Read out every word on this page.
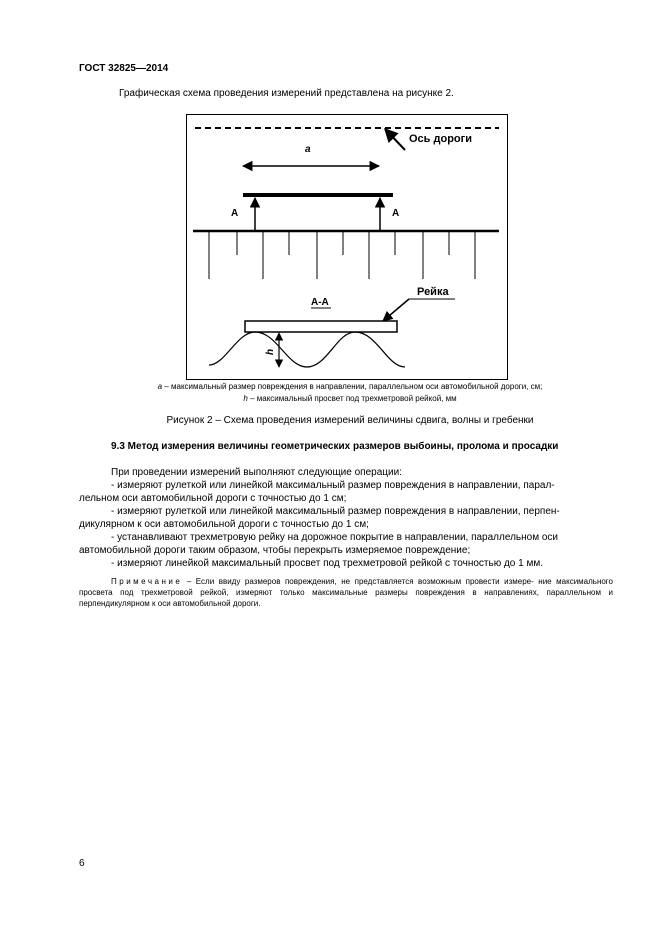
ГОСТ 32825—2014
Графическая схема проведения измерений представлена на рисунке 2.
Ось дороги
a
А	А
А-А
Рейка
h
a – максимальный размер повреждения в направлении, параллельном оси автомобильной дороги, см;
h – максимальный просвет под трехметровой рейкой, мм
Рисунок 2 – Схема проведения измерений величины сдвига, волны и гребенки
9.3 Метод измерения величины геометрических размеров выбоины, пролома и просадки

При проведении измерений выполняют следующие операции:

- измеряют рулеткой или линейкой максимальный размер повреждения в направлении, парал-

лельном оси автомобильной дороги с точностью до 1 см;

- измеряют рулеткой или линейкой максимальный размер повреждения в направлении, перпен-

дикулярном к оси автомобильной дороги с точностью до 1 см;

- устанавливают трехметровую рейку на дорожное покрытие в направлении, параллельном оси

автомобильной дороги таким образом, чтобы перекрыть измеряемое повреждение;

- измеряют линейкой максимальный просвет под трехметровой рейкой с точностью до 1 мм.

Примечание – Если ввиду размеров повреждения, не представляется возможным провести измере- ние максимального просвета под трехметровой рейкой, измеряют только максимальные размеры повреждения в направлениях, параллельном и перпендикулярном к оси автомобильной дороги.
6
